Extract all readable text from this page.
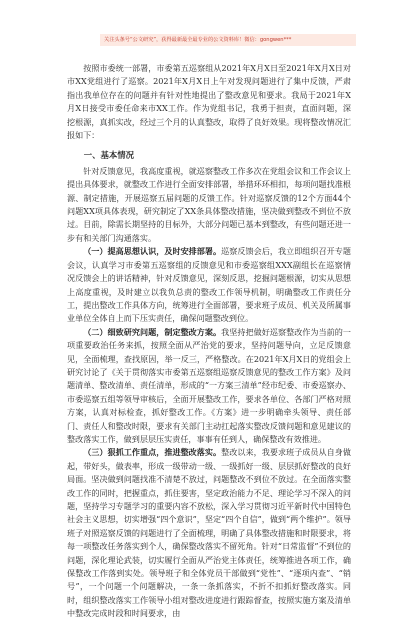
关注头条号“公文研究”，获得最新最全最专业的公文资料库！微信：gongwen***

按照市委统一部署，市委第五巡察组从2021年X月X日至2021年X月X日对市XX党组进行了巡察。2021年X月X日上午对发现问题进行了集中反馈，严肃指出我单位存在的问题并有针对性地提出了整改意见和要求。我局于2021年X月X日接受市委任命来市XX工作。作为党组书记，我勇于担责，直面问题，深挖根源，真抓实改，经过三个月的认真整改，取得了良好效果。现将整改情况汇报如下：

一、基本情况

针对反馈意见，我高度重视，就巡察整改工作多次在党组会议和工作会议上提出具体要求，就整改工作进行全面安排部署，举措环环相扣，每项问题找准根源、制定措施，开展巡察五届问题的反馈工作。针对巡察反馈的12个方面44个问题XX项具体表现，研究制定了XX条具体整改措施，坚决做到整改不到位不放过。目前，除需长期坚持的目标外，大部分问题已基本到整改，有些问题还进一步有和关部门沟通落实。

（一）提高思想认识，及时安排部署。巡察反馈会后，我立即组织召开专题会议，认真学习市委第五巡察组的反馈意见和市委巡察组XXX副组长在巡察情况反馈会上的讲话精神，针对反馈意见，深刻反思，挖掘问题根源，切实从思想上高度重视，及时建立以我负总责的整改工作领导机制，明确整改工作责任分工，提出整改工作具体方向，统筹进行全面部署，要求班子成员、机关及所属事业单位全体自上而下压实责任，确保问题整改到位。

（二）细致研究问题，制定整改方案。我坚持把做好巡察整改作为当前的一项重要政治任务来抓，按照全面从严治党的要求，坚持问题导向，立足反馈意见，全面梳理，查找原因，举一反三，严格整改。在2021年X月X日的党组会上研究讨论了《关于贯彻落实市委第五巡察组巡察反馈意见的整改工作方案》及问题清单、整改清单、责任清单，形成的“一方案三清单”经市纪委、市委巡察办、市委巡察五组等领导审核后，全面开展整改工作，要求各单位、各部门严格对照方案，认真对标检查，抓好整改工作。《方案》进一步明确牵头领导、责任部门、责任人和整改时限，要求有关部门主动扛起落实整改反馈问题和意见建议的整改落实工作，做到层层压实责任，事事有任到人，确保整改有效推进。

（三）狠抓工作重点，推进整改落实。整改以来，我要求班子成员从自身做起，带好头，做表率，形成一级带动一级、一级抓好一级、层层抓好整改的良好局面。坚决做到问题找准不清楚不放过，问题整改不到位不放过。在全面落实整改工作的同时，把握重点，抓住要害，坚定政治能力不足、理论学习不深入的问题，坚持学习专题学习的重要内容不放松，深入学习贯彻习近平新时代中国特色社会主义思想，切实增强“四个意识”，坚定“四个自信”，做到“两个维护”。领导班子对照巡察反馈的问题进行了全面梳理，明确了具体整改措施和时限要求，将每一项整改任务落实到个人，确保整改落实不留死角。针对“日常监督”不到位的问题，深化理论武装，切实履行全面从严治党主体责任，统筹推进各项工作，确保整改工作落到实处。领导班子和全体党员干部做到“党性”、“逐项内查”、“销号”，一个问题一个问题解决，一条一条抓落实，不折不扣抓好整改落实。同时，组织整改落实工作领导小组对整改进度进行跟踪督查，按照实施方案及清单中整改完成时段和时间要求，由
